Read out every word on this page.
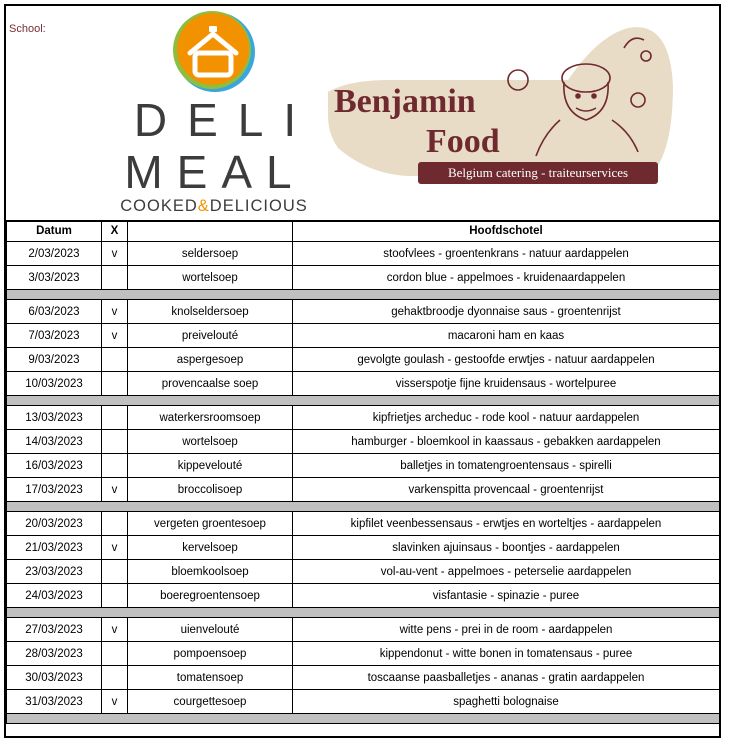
School:
DELI
MEAL
COOKED&DELICIOUS
Benjamin
Food
Belgium catering - traiteurservices
Datum	X		Hoofdschotel
2/03/2023	v	seldersoep	stoofvlees - groentenkrans - natuur aardappelen
3/03/2023		wortelsoep	cordon blue - appelmoes - kruidenaardappelen

6/03/2023	v	knolseldersoep	gehaktbroodje dyonnaise saus - groentenrijst
7/03/2023	v	preivelouté	macaroni ham en kaas
9/03/2023		aspergesoep	gevolgte goulash - gestoofde erwtjes - natuur aardappelen
10/03/2023		provencaalse soep	visserspotje fijne kruidensaus - wortelpuree

13/03/2023		waterkersroomsoep	kipfrietjes archeduc - rode kool - natuur aardappelen
14/03/2023		wortelsoep	hamburger - bloemkool in kaassaus - gebakken aardappelen
16/03/2023		kippevelouté	balletjes in tomatengroentensaus - spirelli
17/03/2023	v	broccolisoep	varkenspitta provencaal - groentenrijst

20/03/2023		vergeten groentesoep	kipfilet veenbessensaus - erwtjes en worteltjes - aardappelen
21/03/2023	v	kervelsoep	slavinken ajuinsaus - boontjes - aardappelen
23/03/2023		bloemkoolsoep	vol-au-vent - appelmoes - peterselie aardappelen
24/03/2023		boeregroentensoep	visfantasie - spinazie - puree

27/03/2023	v	uienvelouté	witte pens - prei in de room - aardappelen
28/03/2023		pompoensoep	kippendonut - witte bonen in tomatensaus - puree
30/03/2023		tomatensoep	toscaanse paasballetjes - ananas - gratin aardappelen
31/03/2023	v	courgettesoep	spaghetti bolognaise
